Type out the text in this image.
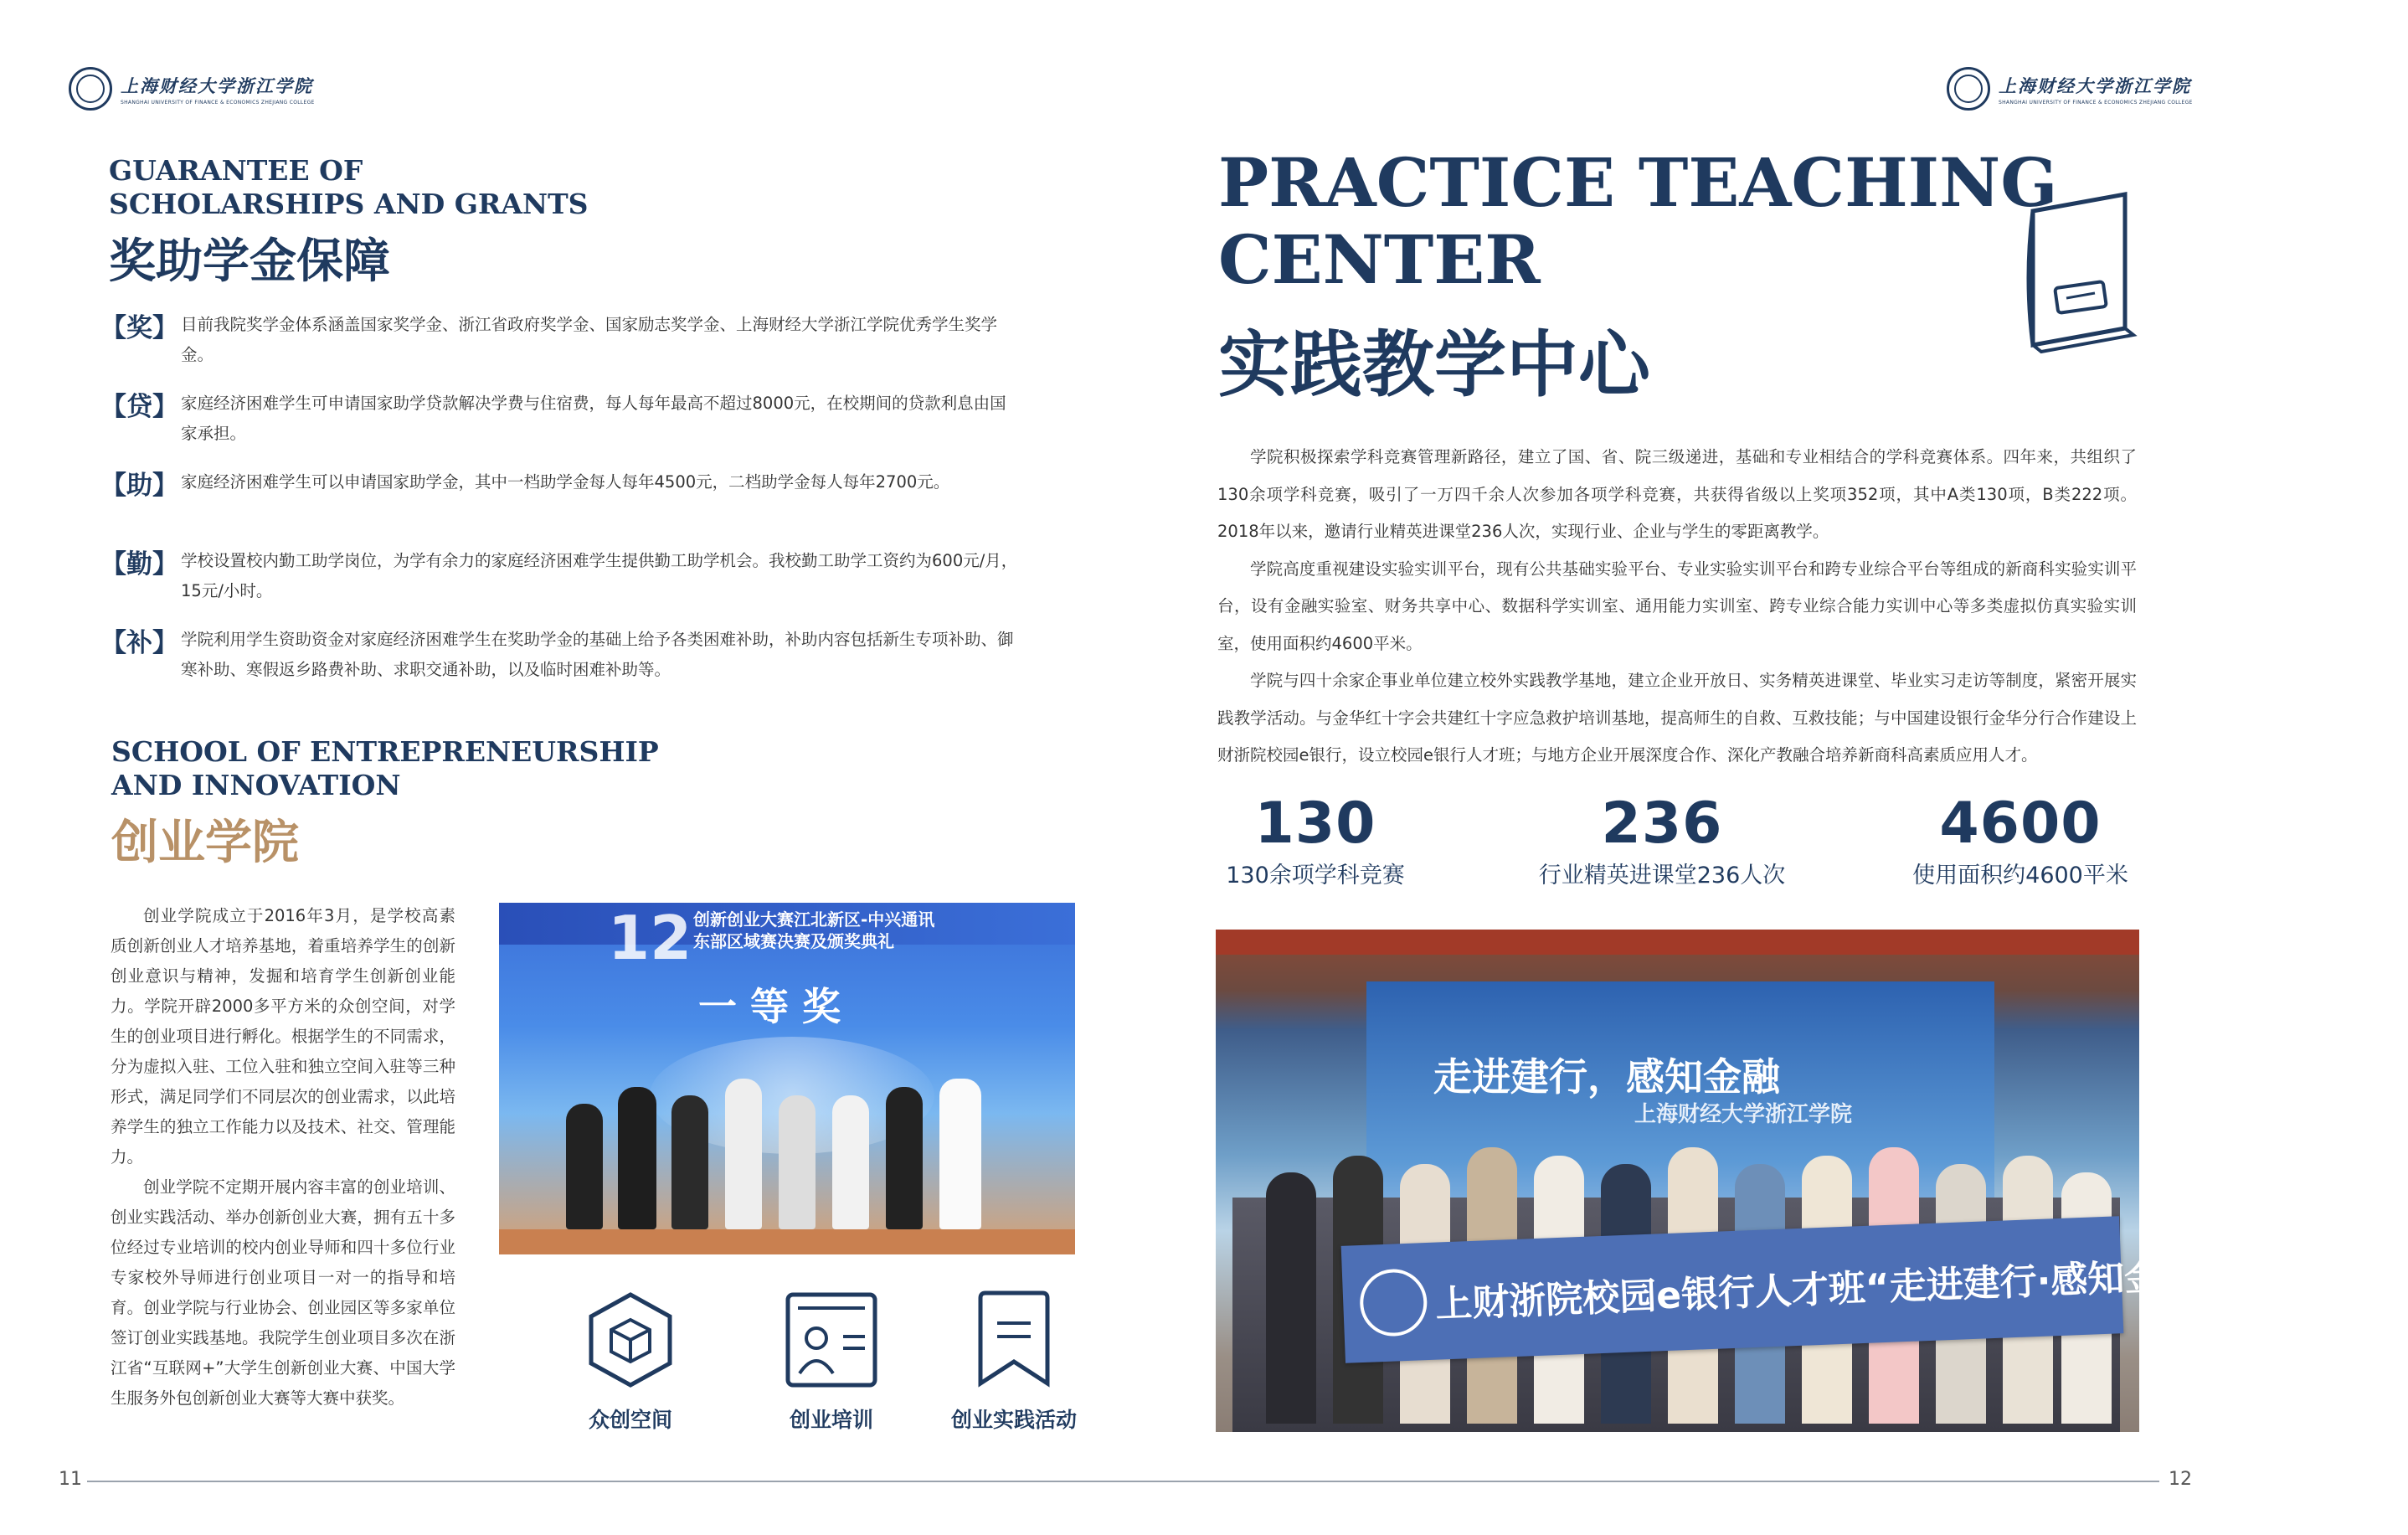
上海财经大学浙江学院
SHANGHAI UNIVERSITY OF FINANCE & ECONOMICS ZHEJIANG COLLEGE
上海财经大学浙江学院
SHANGHAI UNIVERSITY OF FINANCE & ECONOMICS ZHEJIANG COLLEGE
GUARANTEE OF
SCHOLARSHIPS AND GRANTS
奖助学金保障
【奖】 目前我院奖学金体系涵盖国家奖学金、浙江省政府奖学金、国家励志奖学金、上海财经大学浙江学院优秀学生奖学金。
【贷】 家庭经济困难学生可申请国家助学贷款解决学费与住宿费，每人每年最高不超过8000元，在校期间的贷款利息由国家承担。
【助】 家庭经济困难学生可以申请国家助学金，其中一档助学金每人每年4500元，二档助学金每人每年2700元。
【勤】 学校设置校内勤工助学岗位，为学有余力的家庭经济困难学生提供勤工助学机会。我校勤工助学工资约为600元/月，15元/小时。
【补】 学院利用学生资助资金对家庭经济困难学生在奖助学金的基础上给予各类困难补助，补助内容包括新生专项补助、御寒补助、寒假返乡路费补助、求职交通补助，以及临时困难补助等。
SCHOOL OF ENTREPRENEURSHIP
AND INNOVATION
创业学院

创业学院成立于2016年3月，是学校高素质创新创业人才培养基地，着重培养学生的创新创业意识与精神，发掘和培育学生创新创业能力。学院开辟2000多平方米的众创空间，对学生的创业项目进行孵化。根据学生的不同需求，分为虚拟入驻、工位入驻和独立空间入驻等三种形式，满足同学们不同层次的创业需求，以此培养学生的独立工作能力以及技术、社交、管理能力。

创业学院不定期开展内容丰富的创业培训、创业实践活动、举办创新创业大赛，拥有五十多位经过专业培训的校内创业导师和四十多位行业专家校外导师进行创业项目一对一的指导和培育。创业学院与行业协会、创业园区等多家单位签订创业实践基地。我院学生创业项目多次在浙江省“互联网+”大学生创新创业大赛、中国大学生服务外包创新创业大赛等大赛中获奖。

12 创新创业大赛江北新区-中兴通讯
东部区域赛决赛及颁奖典礼
一 等 奖
众创空间	创业培训	创业实践活动
PRACTICE TEACHING
CENTER
实践教学中心

学院积极探索学科竞赛管理新路径，建立了国、省、院三级递进，基础和专业相结合的学科竞赛体系。四年来，共组织了130余项学科竞赛，吸引了一万四千余人次参加各项学科竞赛，共获得省级以上奖项352项，其中A类130项，B类222项。2018年以来，邀请行业精英进课堂236人次，实现行业、企业与学生的零距离教学。

学院高度重视建设实验实训平台，现有公共基础实验平台、专业实验实训平台和跨专业综合平台等组成的新商科实验实训平台，设有金融实验室、财务共享中心、数据科学实训室、通用能力实训室、跨专业综合能力实训中心等多类虚拟仿真实验实训室，使用面积约4600平米。

学院与四十余家企事业单位建立校外实践教学基地，建立企业开放日、实务精英进课堂、毕业实习走访等制度，紧密开展实践教学活动。与金华红十字会共建红十字应急救护培训基地，提高师生的自救、互救技能；与中国建设银行金华分行合作建设上财浙院校园e银行，设立校园e银行人才班；与地方企业开展深度合作、深化产教融合培养新商科高素质应用人才。

130
130余项学科竞赛
236
行业精英进课堂236人次
4600
使用面积约4600平米
走进建行，感知金融
上海财经大学浙江学院
上财浙院校园e银行人才班“走进建行·感知金融”企业开放日
11	12
